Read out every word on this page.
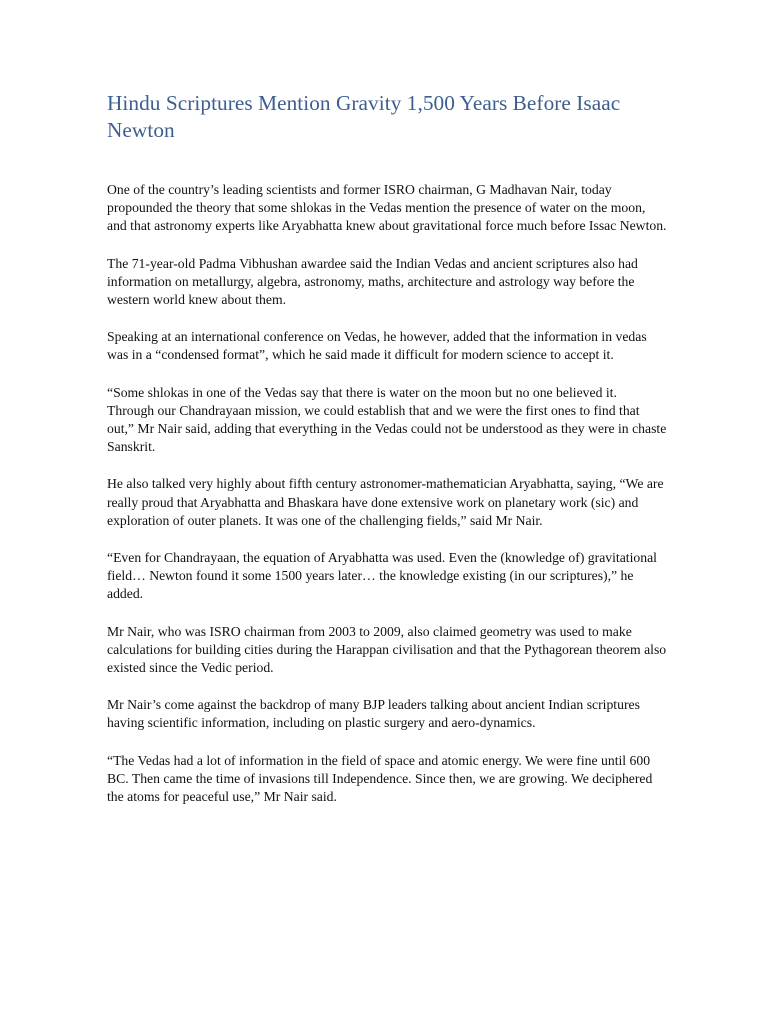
Hindu Scriptures Mention Gravity 1,500 Years Before Isaac Newton

One of the country’s leading scientists and former ISRO chairman, G Madhavan Nair, today propounded the theory that some shlokas in the Vedas mention the presence of water on the moon, and that astronomy experts like Aryabhatta knew about gravitational force much before Issac Newton.

The 71-year-old Padma Vibhushan awardee said the Indian Vedas and ancient scriptures also had information on metallurgy, algebra, astronomy, maths, architecture and astrology way before the western world knew about them.

Speaking at an international conference on Vedas, he however, added that the information in vedas was in a “condensed format”, which he said made it difficult for modern science to accept it.

“Some shlokas in one of the Vedas say that there is water on the moon but no one believed it. Through our Chandrayaan mission, we could establish that and we were the first ones to find that out,” Mr Nair said, adding that everything in the Vedas could not be understood as they were in chaste Sanskrit.

He also talked very highly about fifth century astronomer-mathematician Aryabhatta, saying, “We are really proud that Aryabhatta and Bhaskara have done extensive work on planetary work (sic) and exploration of outer planets. It was one of the challenging fields,” said Mr Nair.

“Even for Chandrayaan, the equation of Aryabhatta was used. Even the (knowledge of) gravitational field… Newton found it some 1500 years later… the knowledge existing (in our scriptures),” he added.

Mr Nair, who was ISRO chairman from 2003 to 2009, also claimed geometry was used to make calculations for building cities during the Harappan civilisation and that the Pythagorean theorem also existed since the Vedic period.

Mr Nair’s come against the backdrop of many BJP leaders talking about ancient Indian scriptures having scientific information, including on plastic surgery and aero-dynamics.

“The Vedas had a lot of information in the field of space and atomic energy. We were fine until 600 BC. Then came the time of invasions till Independence. Since then, we are growing. We deciphered the atoms for peaceful use,” Mr Nair said.
